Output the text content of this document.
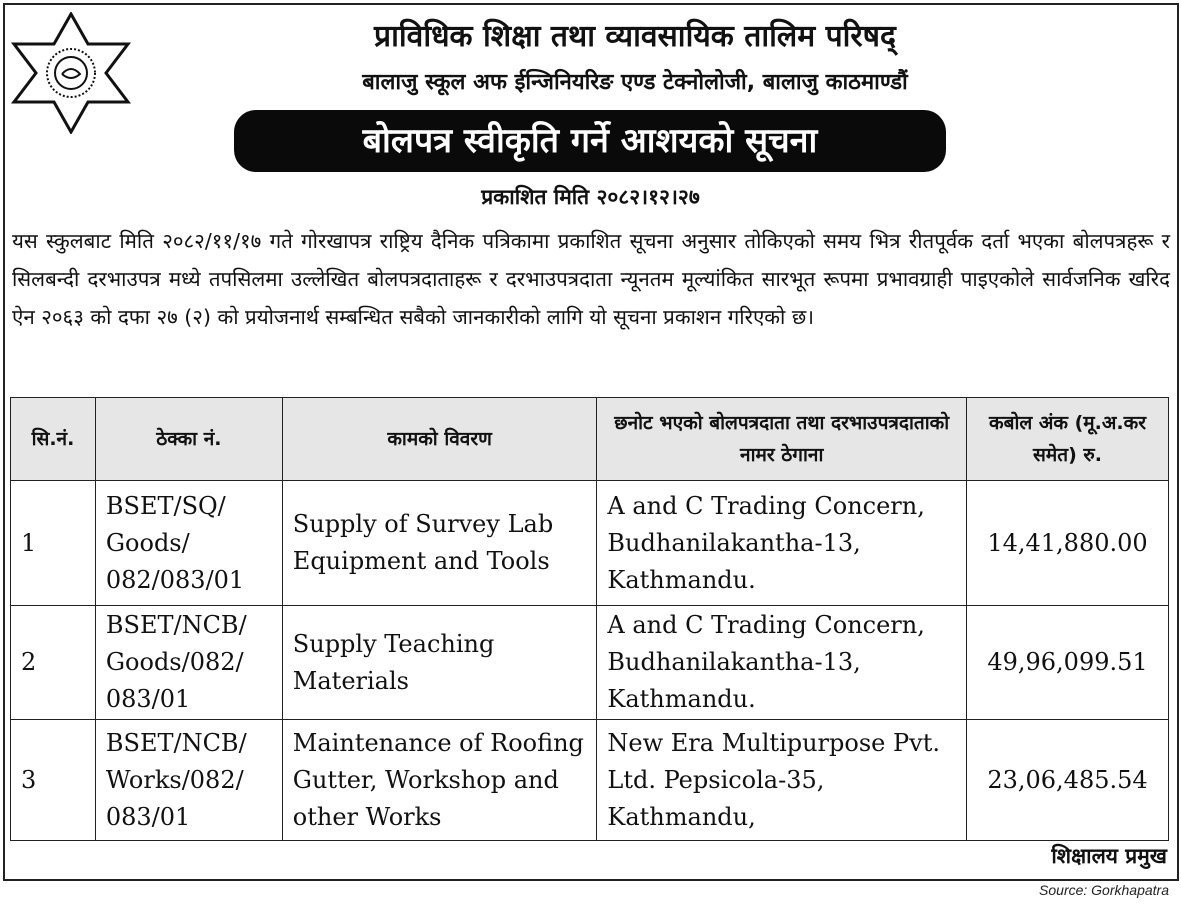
प्राविधिक शिक्षा तथा व्यावसायिक तालिम परिषद्
बालाजु स्कूल अफ ईन्जिनियरिङ एण्ड टेक्नोलोजी, बालाजु काठमाण्डौं
बोलपत्र स्वीकृति गर्ने आशयको सूचना
प्रकाशित मिति २०८२।१२।२७
यस स्कुलबाट मिति २०८२/११/१७ गते गोरखापत्र राष्ट्रिय दैनिक पत्रिकामा प्रकाशित सूचना अनुसार तोकिएको समय भित्र रीतपूर्वक दर्ता भएका बोलपत्रहरू र सिलबन्दी दरभाउपत्र मध्ये तपसिलमा उल्लेखित बोलपत्रदाताहरू र दरभाउपत्रदाता न्यूनतम मूल्यांकित सारभूत रूपमा प्रभावग्राही पाइएकोले सार्वजनिक खरिद ऐन २०६३ को दफा २७ (२) को प्रयोजनार्थ सम्बन्धित सबैको जानकारीको लागि यो सूचना प्रकाशन गरिएको छ।
सि.नं.	ठेक्का नं.	कामको विवरण	छनोट भएको बोलपत्रदाता तथा दरभाउपत्रदाताको नामर ठेगाना	कबोल अंक (मू.अ.कर समेत) रु.
1	BSET/SQ/ Goods/ 082/083/01	Supply of Survey Lab Equipment and Tools	A and C Trading Concern, Budhanilakantha-13, Kathmandu.	14,41,880.00
2	BSET/NCB/ Goods/082/ 083/01	Supply Teaching Materials	A and C Trading Concern, Budhanilakantha-13, Kathmandu.	49,96,099.51
3	BSET/NCB/ Works/082/ 083/01	Maintenance of Roofing Gutter, Workshop and other Works	New Era Multipurpose Pvt. Ltd. Pepsicola-35, Kathmandu,	23,06,485.54
शिक्षालय प्रमुख
Source: Gorkhapatra
